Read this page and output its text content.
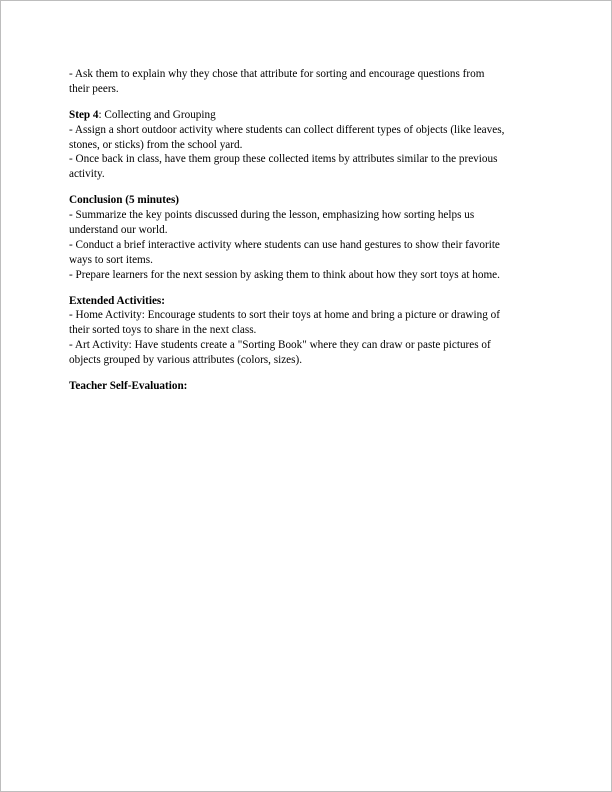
- Ask them to explain why they chose that attribute for sorting and encourage questions from
their peers.
Step 4: Collecting and Grouping
- Assign a short outdoor activity where students can collect different types of objects (like leaves,
stones, or sticks) from the school yard.
- Once back in class, have them group these collected items by attributes similar to the previous
activity.
Conclusion (5 minutes)
- Summarize the key points discussed during the lesson, emphasizing how sorting helps us
understand our world.
- Conduct a brief interactive activity where students can use hand gestures to show their favorite
ways to sort items.
- Prepare learners for the next session by asking them to think about how they sort toys at home.
Extended Activities:
- Home Activity: Encourage students to sort their toys at home and bring a picture or drawing of
their sorted toys to share in the next class.
- Art Activity: Have students create a "Sorting Book" where they can draw or paste pictures of
objects grouped by various attributes (colors, sizes).
Teacher Self-Evaluation:
